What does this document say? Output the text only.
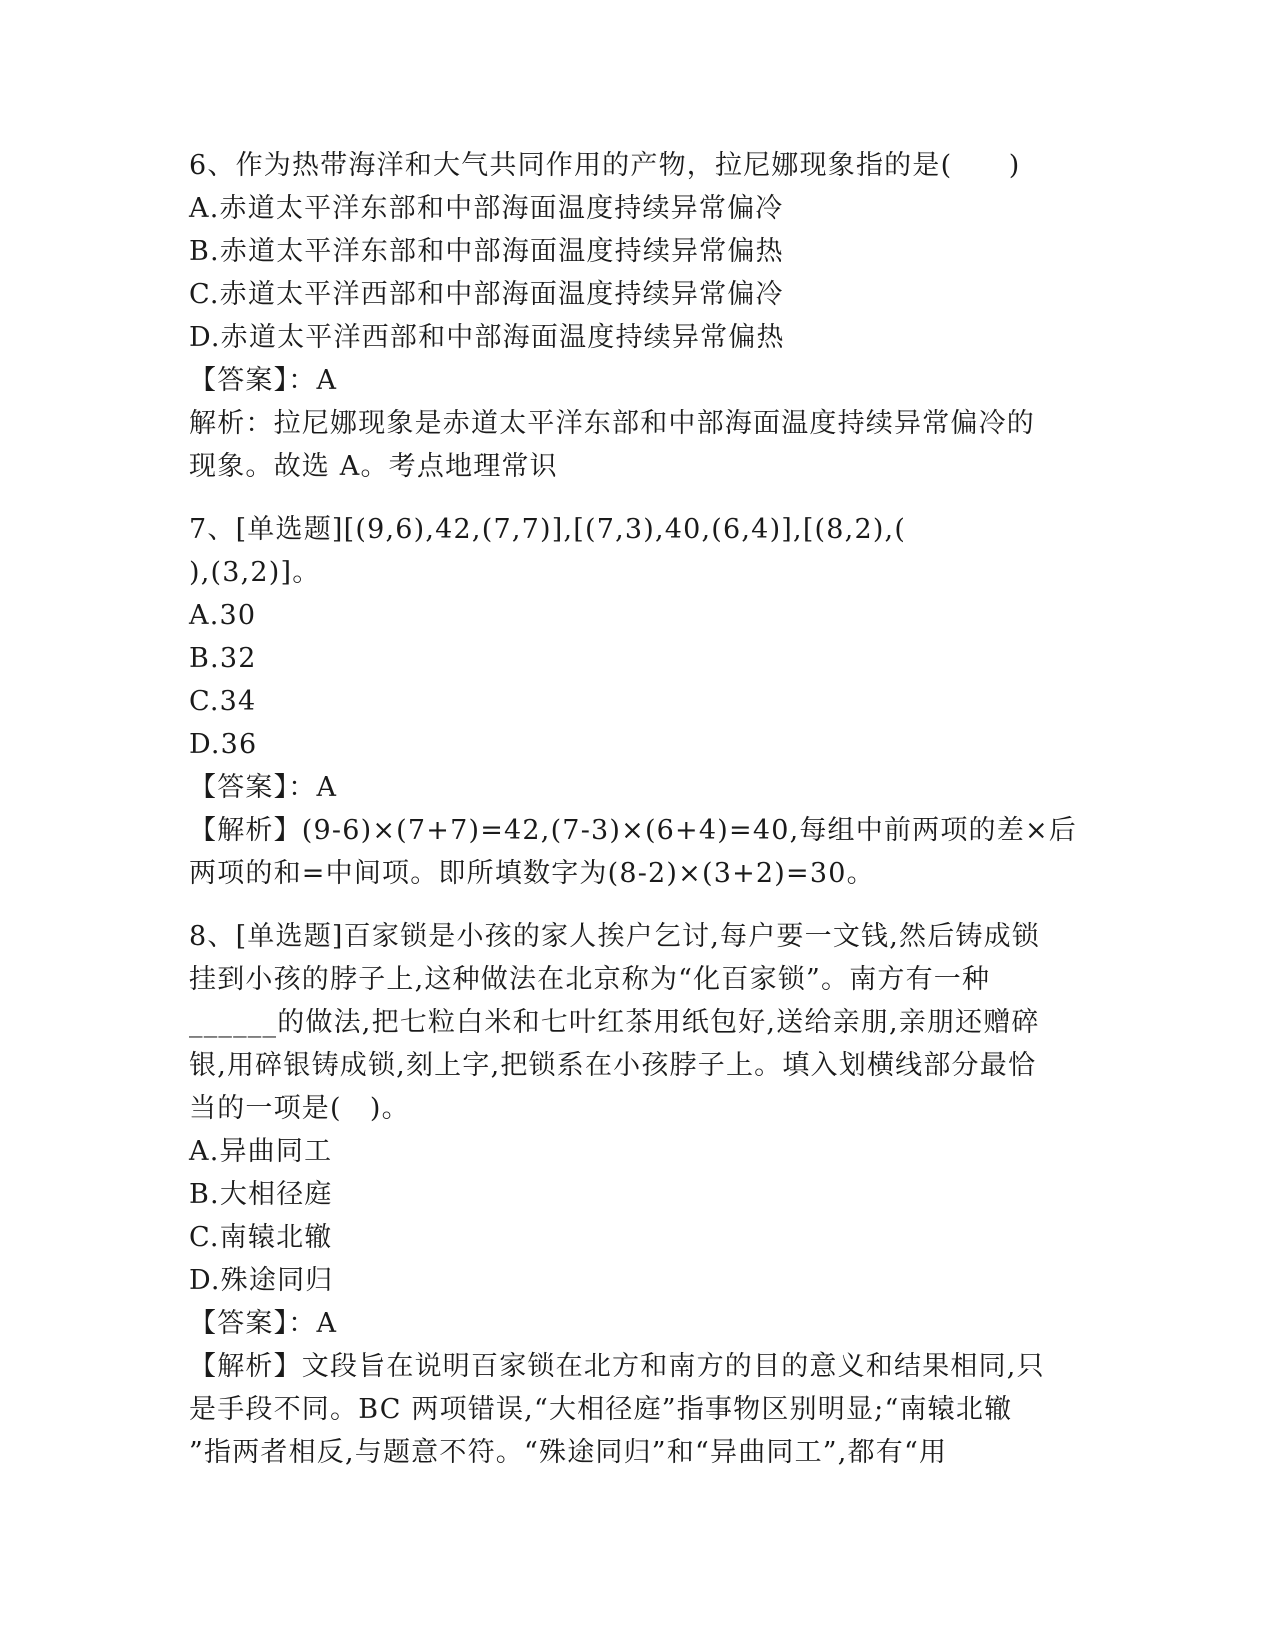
6、作为热带海洋和大气共同作用的产物，拉尼娜现象指的是(　　)
A.赤道太平洋东部和中部海面温度持续异常偏冷
B.赤道太平洋东部和中部海面温度持续异常偏热
C.赤道太平洋西部和中部海面温度持续异常偏冷
D.赤道太平洋西部和中部海面温度持续异常偏热
【答案】：A
解析：拉尼娜现象是赤道太平洋东部和中部海面温度持续异常偏冷的
现象。故选 A。考点地理常识
7、[单选题][(9,6),42,(7,7)],[(7,3),40,(6,4)],[(8,2),(
),(3,2)]。
A.30
B.32
C.34
D.36
【答案】：A
【解析】(9-6)×(7+7)=42,(7-3)×(6+4)=40,每组中前两项的差×后
两项的和=中间项。即所填数字为(8-2)×(3+2)=30。
8、[单选题]百家锁是小孩的家人挨户乞讨,每户要一文钱,然后铸成锁
挂到小孩的脖子上,这种做法在北京称为“化百家锁”。南方有一种
______的做法,把七粒白米和七叶红茶用纸包好,送给亲朋,亲朋还赠碎
银,用碎银铸成锁,刻上字,把锁系在小孩脖子上。填入划横线部分最恰
当的一项是(　)。
A.异曲同工
B.大相径庭
C.南辕北辙
D.殊途同归
【答案】：A
【解析】文段旨在说明百家锁在北方和南方的目的意义和结果相同,只
是手段不同。BC 两项错误,“大相径庭”指事物区别明显;“南辕北辙
”指两者相反,与题意不符。“殊途同归”和“异曲同工”,都有“用
